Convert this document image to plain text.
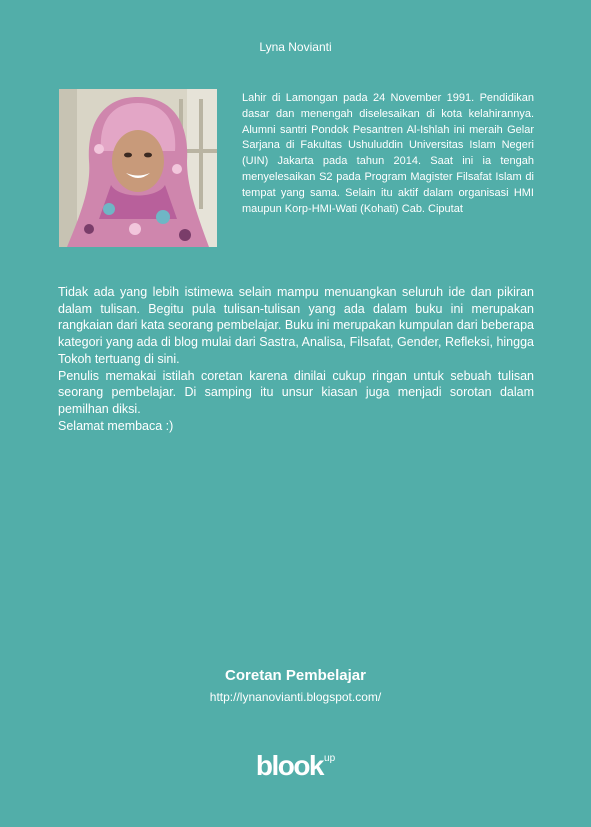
Lyna Novianti
Lahir di Lamongan pada 24 November 1991. Pendidikan dasar dan menengah diselesaikan di kota kelahirannya. Alumni santri Pondok Pesantren Al-Ishlah ini meraih Gelar Sarjana di Fakultas Ushuluddin Universitas Islam Negeri (UIN) Jakarta pada tahun 2014. Saat ini ia tengah menyelesaikan S2 pada Program Magister Filsafat Islam di tempat yang sama. Selain itu aktif dalam organisasi HMI maupun Korp-HMI-Wati (Kohati) Cab. Ciputat

Tidak ada yang lebih istimewa selain mampu menuangkan seluruh ide dan pikiran dalam tulisan. Begitu pula tulisan-tulisan yang ada dalam buku ini merupakan rangkaian dari kata seorang pembelajar. Buku ini merupakan kumpulan dari beberapa kategori yang ada di blog mulai dari Sastra, Analisa, Filsafat, Gender, Refleksi, hingga Tokoh tertuang di sini.

Penulis memakai istilah coretan karena dinilai cukup ringan untuk sebuah tulisan seorang pembelajar. Di samping itu unsur kiasan juga menjadi sorotan dalam pemilhan diksi.

Selamat membaca :)

Coretan Pembelajar
http://lynanovianti.blogspot.com/
blookup
